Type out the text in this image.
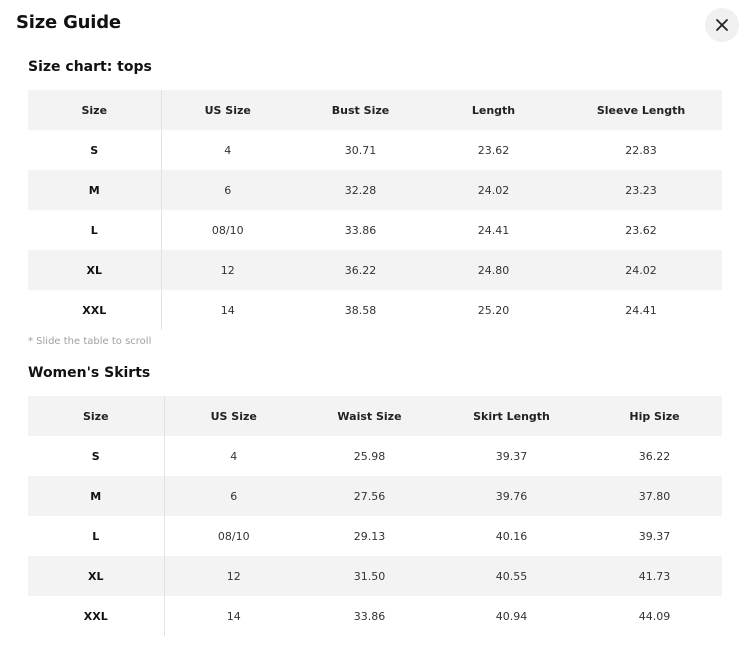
Size Guide
Size chart: tops
Size	US Size	Bust Size	Length	Sleeve Length
S	4	30.71	23.62	22.83
M	6	32.28	24.02	23.23
L	08/10	33.86	24.41	23.62
XL	12	36.22	24.80	24.02
XXL	14	38.58	25.20	24.41
* Slide the table to scroll
Women's Skirts
Size	US Size	Waist Size	Skirt Length	Hip Size
S	4	25.98	39.37	36.22
M	6	27.56	39.76	37.80
L	08/10	29.13	40.16	39.37
XL	12	31.50	40.55	41.73
XXL	14	33.86	40.94	44.09
